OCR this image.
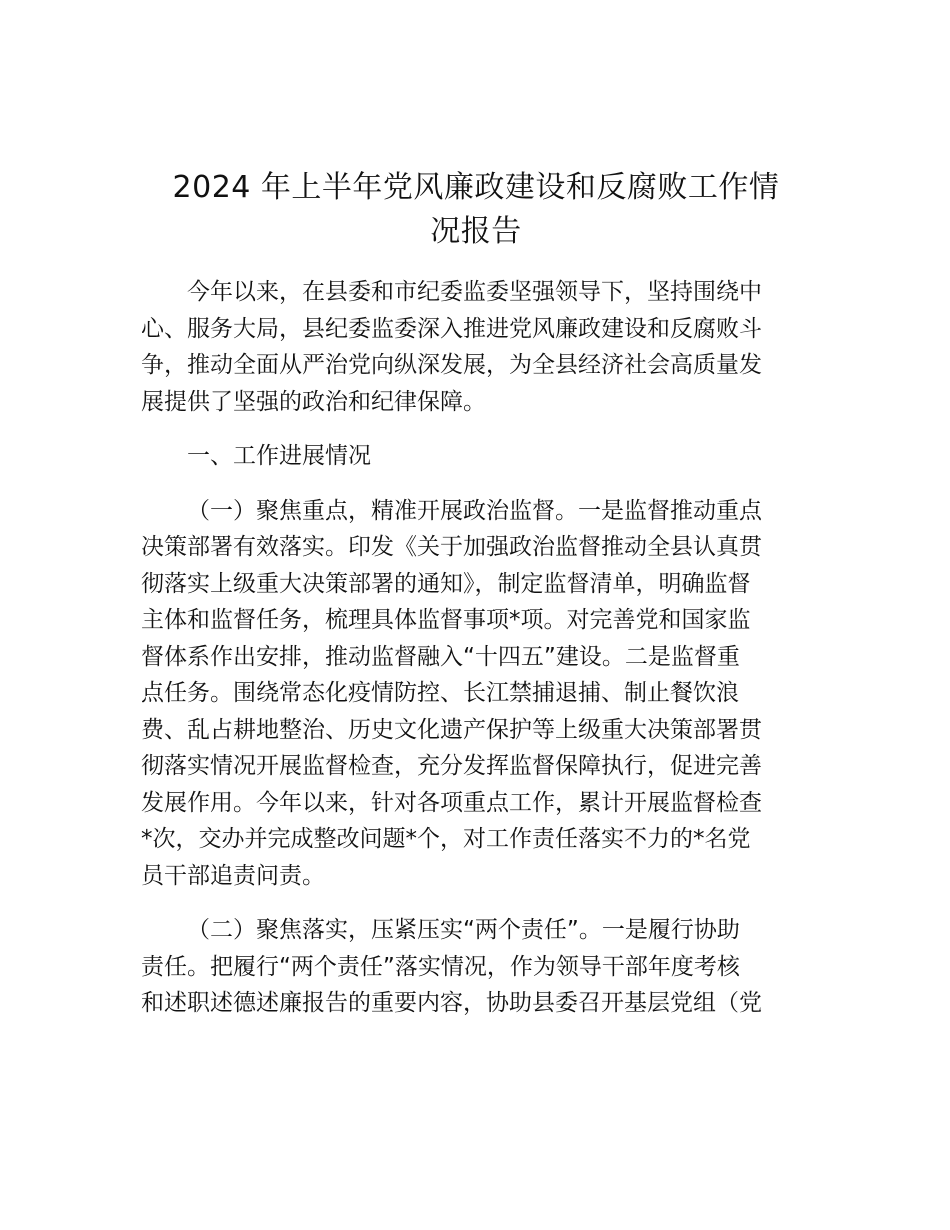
2024 年上半年党风廉政建设和反腐败工作情
况报告

今年以来，在县委和市纪委监委坚强领导下，坚持围绕中
心、服务大局，县纪委监委深入推进党风廉政建设和反腐败斗
争，推动全面从严治党向纵深发展，为全县经济社会高质量发
展提供了坚强的政治和纪律保障。

一、工作进展情况

（一）聚焦重点，精准开展政治监督。一是监督推动重点
决策部署有效落实。印发《关于加强政治监督推动全县认真贯
彻落实上级重大决策部署的通知》，制定监督清单，明确监督
主体和监督任务，梳理具体监督事项*项。对完善党和国家监
督体系作出安排，推动监督融入“十四五”建设。二是监督重
点任务。围绕常态化疫情防控、长江禁捕退捕、制止餐饮浪
费、乱占耕地整治、历史文化遗产保护等上级重大决策部署贯
彻落实情况开展监督检查，充分发挥监督保障执行，促进完善
发展作用。今年以来，针对各项重点工作，累计开展监督检查
*次，交办并完成整改问题*个，对工作责任落实不力的*名党
员干部追责问责。

（二）聚焦落实，压紧压实“两个责任”。一是履行协助
责任。把履行“两个责任”落实情况，作为领导干部年度考核
和述职述德述廉报告的重要内容，协助县委召开基层党组（党
